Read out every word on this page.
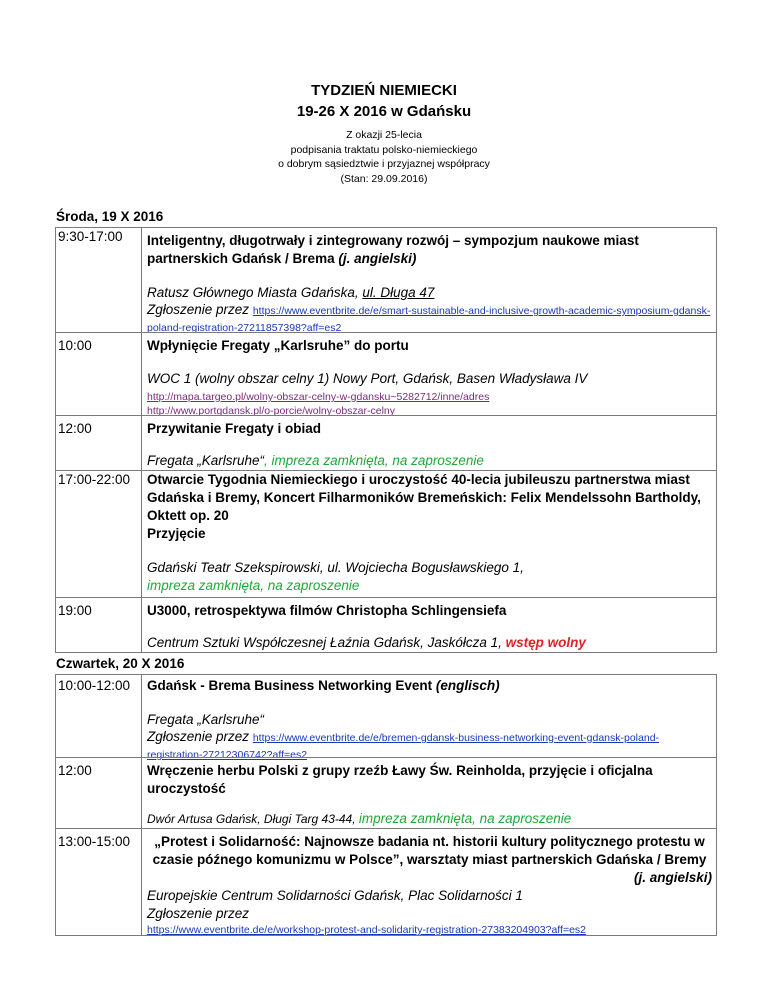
TYDZIEŃ NIEMIECKI
19-26 X 2016 w Gdańsku
Z okazji 25-lecia
podpisania traktatu polsko-niemieckiego
o dobrym sąsiedztwie i przyjaznej współpracy
(Stan: 29.09.2016)
Środa, 19 X 2016
9:30-17:00	Inteligentny, długotrwały i zintegrowany rozwój – sympozjum naukowe miast partnerskich Gdańsk / Brema (j. angielski)
Ratusz Głównego Miasta Gdańska, ul. Długa 47
Zgłoszenie przez https://www.eventbrite.de/e/smart-sustainable-and-inclusive-growth-academic-symposium-gdansk-poland-registration-27211857398?aff=es2
10:00	Wpłynięcie Fregaty „Karlsruhe” do portu
WOC 1 (wolny obszar celny 1) Nowy Port, Gdańsk, Basen Władysława IV
http://mapa.targeo.pl/wolny-obszar-celny-w-gdansku~5282712/inne/adres
http://www.portgdansk.pl/o-porcie/wolny-obszar-celny
12:00	Przywitanie Fregaty i obiad
Fregata „Karlsruhe“, impreza zamknięta, na zaproszenie
17:00-22:00	Otwarcie Tygodnia Niemieckiego i uroczystość 40-lecia jubileuszu partnerstwa miast Gdańska i Bremy, Koncert Filharmoników Bremeńskich: Felix Mendelssohn Bartholdy, Oktett op. 20
Przyjęcie
Gdański Teatr Szekspirowski, ul. Wojciecha Bogusławskiego 1,
impreza zamknięta, na zaproszenie
19:00	U3000, retrospektywa filmów Christopha Schlingensiefa
Centrum Sztuki Współczesnej Łaźnia Gdańsk, Jaskółcza 1, wstęp wolny
Czwartek, 20 X 2016
10:00-12:00	Gdańsk - Brema Business Networking Event (englisch)
Fregata „Karlsruhe“
Zgłoszenie przez https://www.eventbrite.de/e/bremen-gdansk-business-networking-event-gdansk-poland-registration-27212306742?aff=es2
12:00	Wręczenie herbu Polski z grupy rzeźb Ławy Św. Reinholda, przyjęcie i oficjalna uroczystość
Dwór Artusa Gdańsk, Długi Targ 43-44, impreza zamknięta, na zaproszenie
13:00-15:00	„Protest i Solidarność: Najnowsze badania nt. historii kultury politycznego protestu w czasie późnego komunizmu w Polsce”, warsztaty miast partnerskich Gdańska / Bremy
(j. angielski)
Europejskie Centrum Solidarności Gdańsk, Plac Solidarności 1
Zgłoszenie przez
https://www.eventbrite.de/e/workshop-protest-and-solidarity-registration-27383204903?aff=es2
